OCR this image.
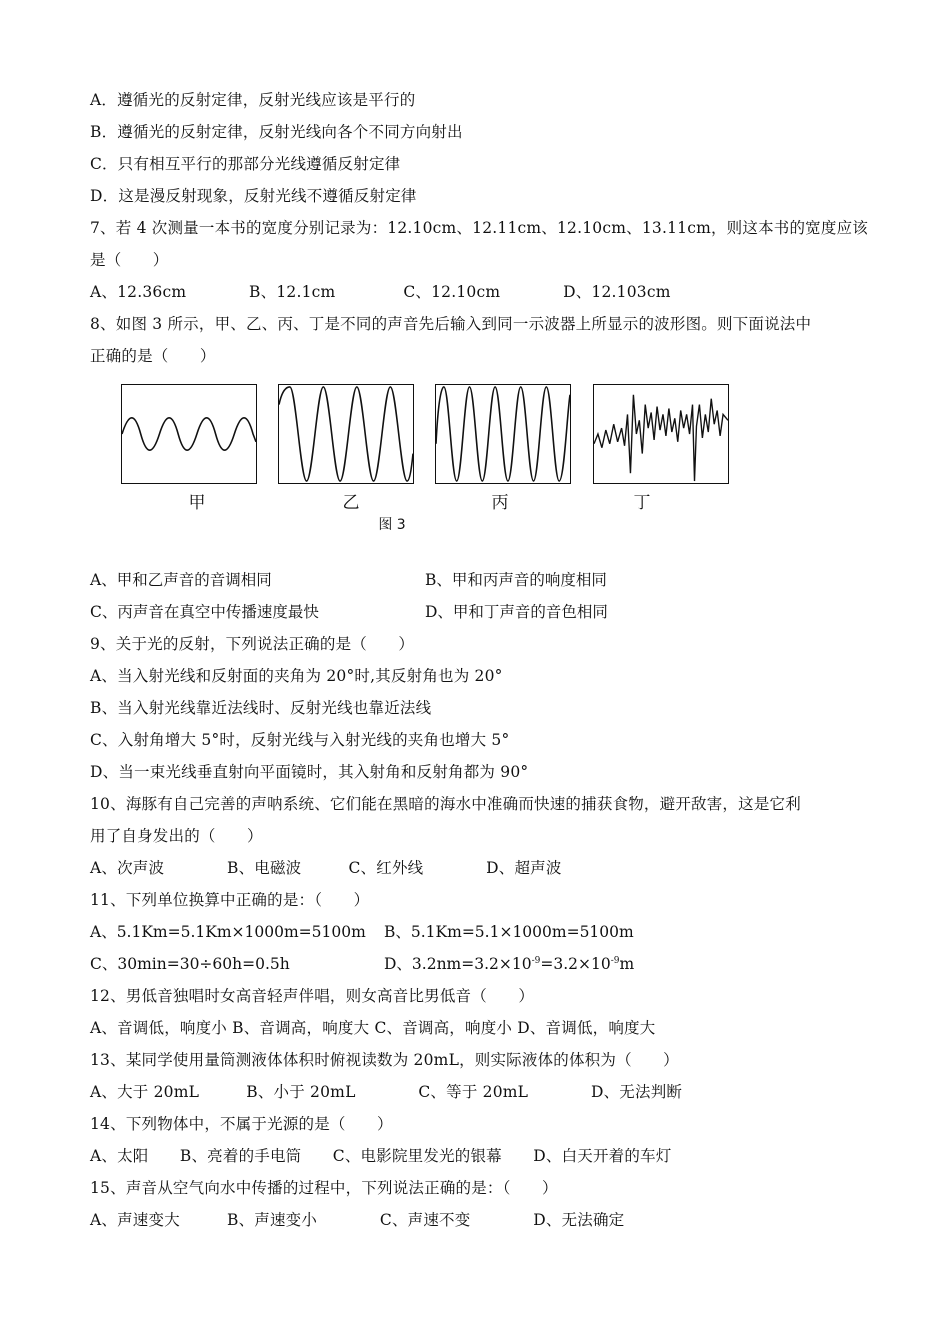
A．遵循光的反射定律，反射光线应该是平行的
B．遵循光的反射定律，反射光线向各个不同方向射出
C．只有相互平行的那部分光线遵循反射定律
D．这是漫反射现象，反射光线不遵循反射定律
7、若 4 次测量一本书的宽度分别记录为：12.10cm、12.11cm、12.10cm、13.11cm，则这本书的宽度应该
是（　　）
A、12.36cm　　　　B、12.1cm　　　　 C、12.10cm　　　　D、12.103cm
8、如图 3 所示，甲、乙、丙、丁是不同的声音先后输入到同一示波器上所显示的波形图。则下面说法中
正确的是（　　）
甲	乙	丙	丁
图 3
A、甲和乙声音的音调相同	B、甲和丙声音的响度相同
C、丙声音在真空中传播速度最快	D、甲和丁声音的音色相同
9、关于光的反射，下列说法正确的是（　　）
A、当入射光线和反射面的夹角为 20°时,其反射角也为 20°
B、当入射光线靠近法线时、反射光线也靠近法线
C、入射角增大 5°时，反射光线与入射光线的夹角也增大 5°
D、当一束光线垂直射向平面镜时，其入射角和反射角都为 90°
10、海豚有自己完善的声呐系统、它们能在黑暗的海水中准确而快速的捕获食物，避开敌害，这是它利
用了自身发出的（　　）
A、次声波　　　　B、电磁波　　　C、红外线　　　　D、超声波
11、下列单位换算中正确的是：（　　）
A、5.1Km=5.1Km×1000m=5100m B、5.1Km=5.1×1000m=5100m
C、30min=30÷60h=0.5h	D、$3.2nm=3.2\times 10^{-9}=3.2\times 10^{-9}m$
12、男低音独唱时女高音轻声伴唱，则女高音比男低音（　　）
A、音调低，响度小 B、音调高，响度大 C、音调高，响度小 D、音调低，响度大
13、某同学使用量筒测液体体积时俯视读数为 20mL，则实际液体的体积为（　　）
A、大于 20mL　　　B、小于 20mL　　　　C、等于 20mL　　　　D、无法判断
14、下列物体中，不属于光源的是（　　）
A、太阳　　B、亮着的手电筒　　C、电影院里发光的银幕　　D、白天开着的车灯
15、声音从空气向水中传播的过程中，下列说法正确的是：（　　）
A、声速变大　　　B、声速变小　　　　C、声速不变　　　　D、无法确定
